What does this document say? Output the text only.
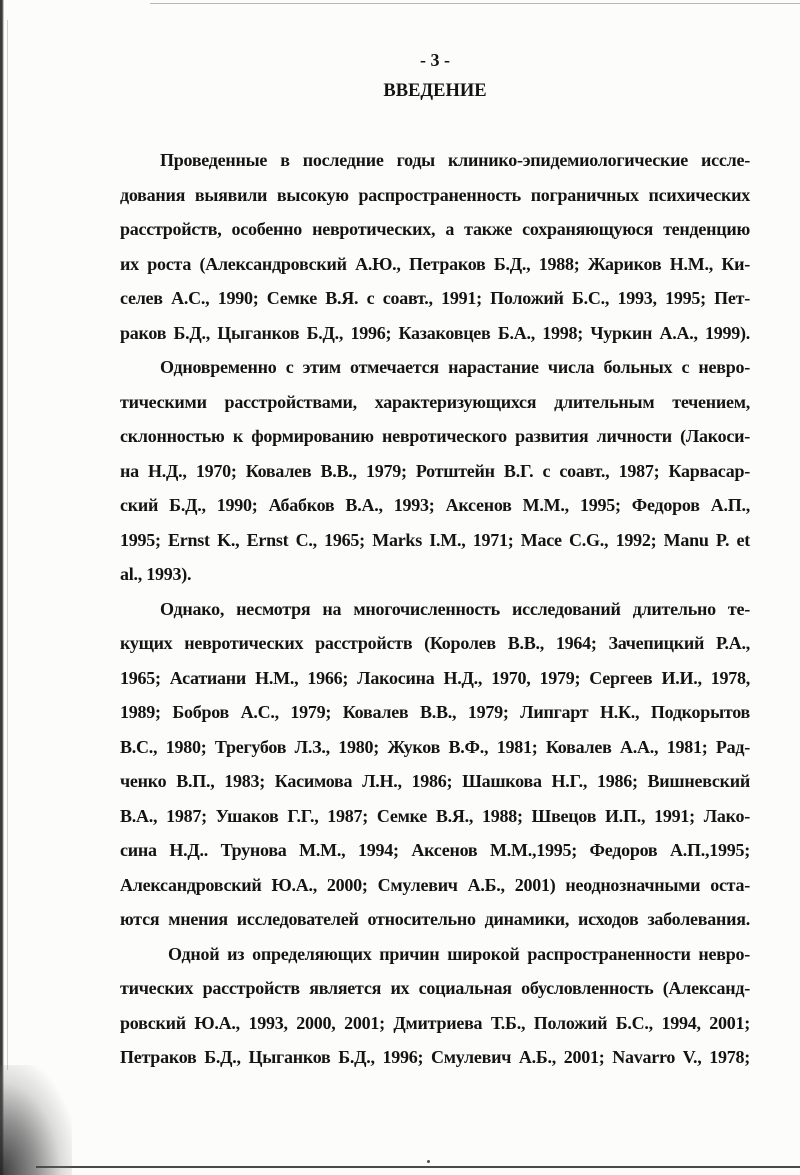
- 3 -
ВВЕДЕНИЕ
Проведенные в последние годы клинико-эпидемиологические иссле-
дования выявили высокую распространенность пограничных психических
расстройств, особенно невротических, а также сохраняющуюся тенденцию
их роста (Александровский А.Ю., Петраков Б.Д., 1988; Жариков Н.М., Ки-
селев А.С., 1990; Семке В.Я. с соавт., 1991; Положий Б.С., 1993, 1995; Пет-
раков Б.Д., Цыганков Б.Д., 1996; Казаковцев Б.А., 1998; Чуркин А.А., 1999).
Одновременно с этим отмечается нарастание числа больных с невро-
тическими расстройствами, характеризующихся длительным течением,
склонностью к формированию невротического развития личности (Лакоси-
на Н.Д., 1970; Ковалев В.В., 1979; Ротштейн В.Г. с соавт., 1987; Карвасар-
ский Б.Д., 1990; Абабков В.А., 1993; Аксенов М.М., 1995; Федоров А.П.,
1995; Ernst K., Ernst C., 1965; Marks I.M., 1971; Mace C.G., 1992; Manu P. et
al., 1993).
Однако, несмотря на многочисленность исследований длительно те-
кущих невротических расстройств (Королев В.В., 1964; Зачепицкий Р.А.,
1965; Асатиани Н.М., 1966; Лакосина Н.Д., 1970, 1979; Сергеев И.И., 1978,
1989; Бобров А.С., 1979; Ковалев В.В., 1979; Липгарт Н.К., Подкорытов
В.С., 1980; Трегубов Л.З., 1980; Жуков В.Ф., 1981; Ковалев А.А., 1981; Рад-
ченко В.П., 1983; Касимова Л.Н., 1986; Шашкова Н.Г., 1986; Вишневский
В.А., 1987; Ушаков Г.Г., 1987; Семке В.Я., 1988; Швецов И.П., 1991; Лако-
сина Н.Д.. Трунова М.М., 1994; Аксенов М.М.,1995; Федоров А.П.,1995;
Александровский Ю.А., 2000; Смулевич А.Б., 2001) неоднозначными оста-
ются мнения исследователей относительно динамики, исходов заболевания.
Одной из определяющих причин широкой распространенности невро-
тических расстройств является их социальная обусловленность (Александ-
ровский Ю.А., 1993, 2000, 2001; Дмитриева Т.Б., Положий Б.С., 1994, 2001;
Петраков Б.Д., Цыганков Б.Д., 1996; Смулевич А.Б., 2001; Navarro V., 1978;
